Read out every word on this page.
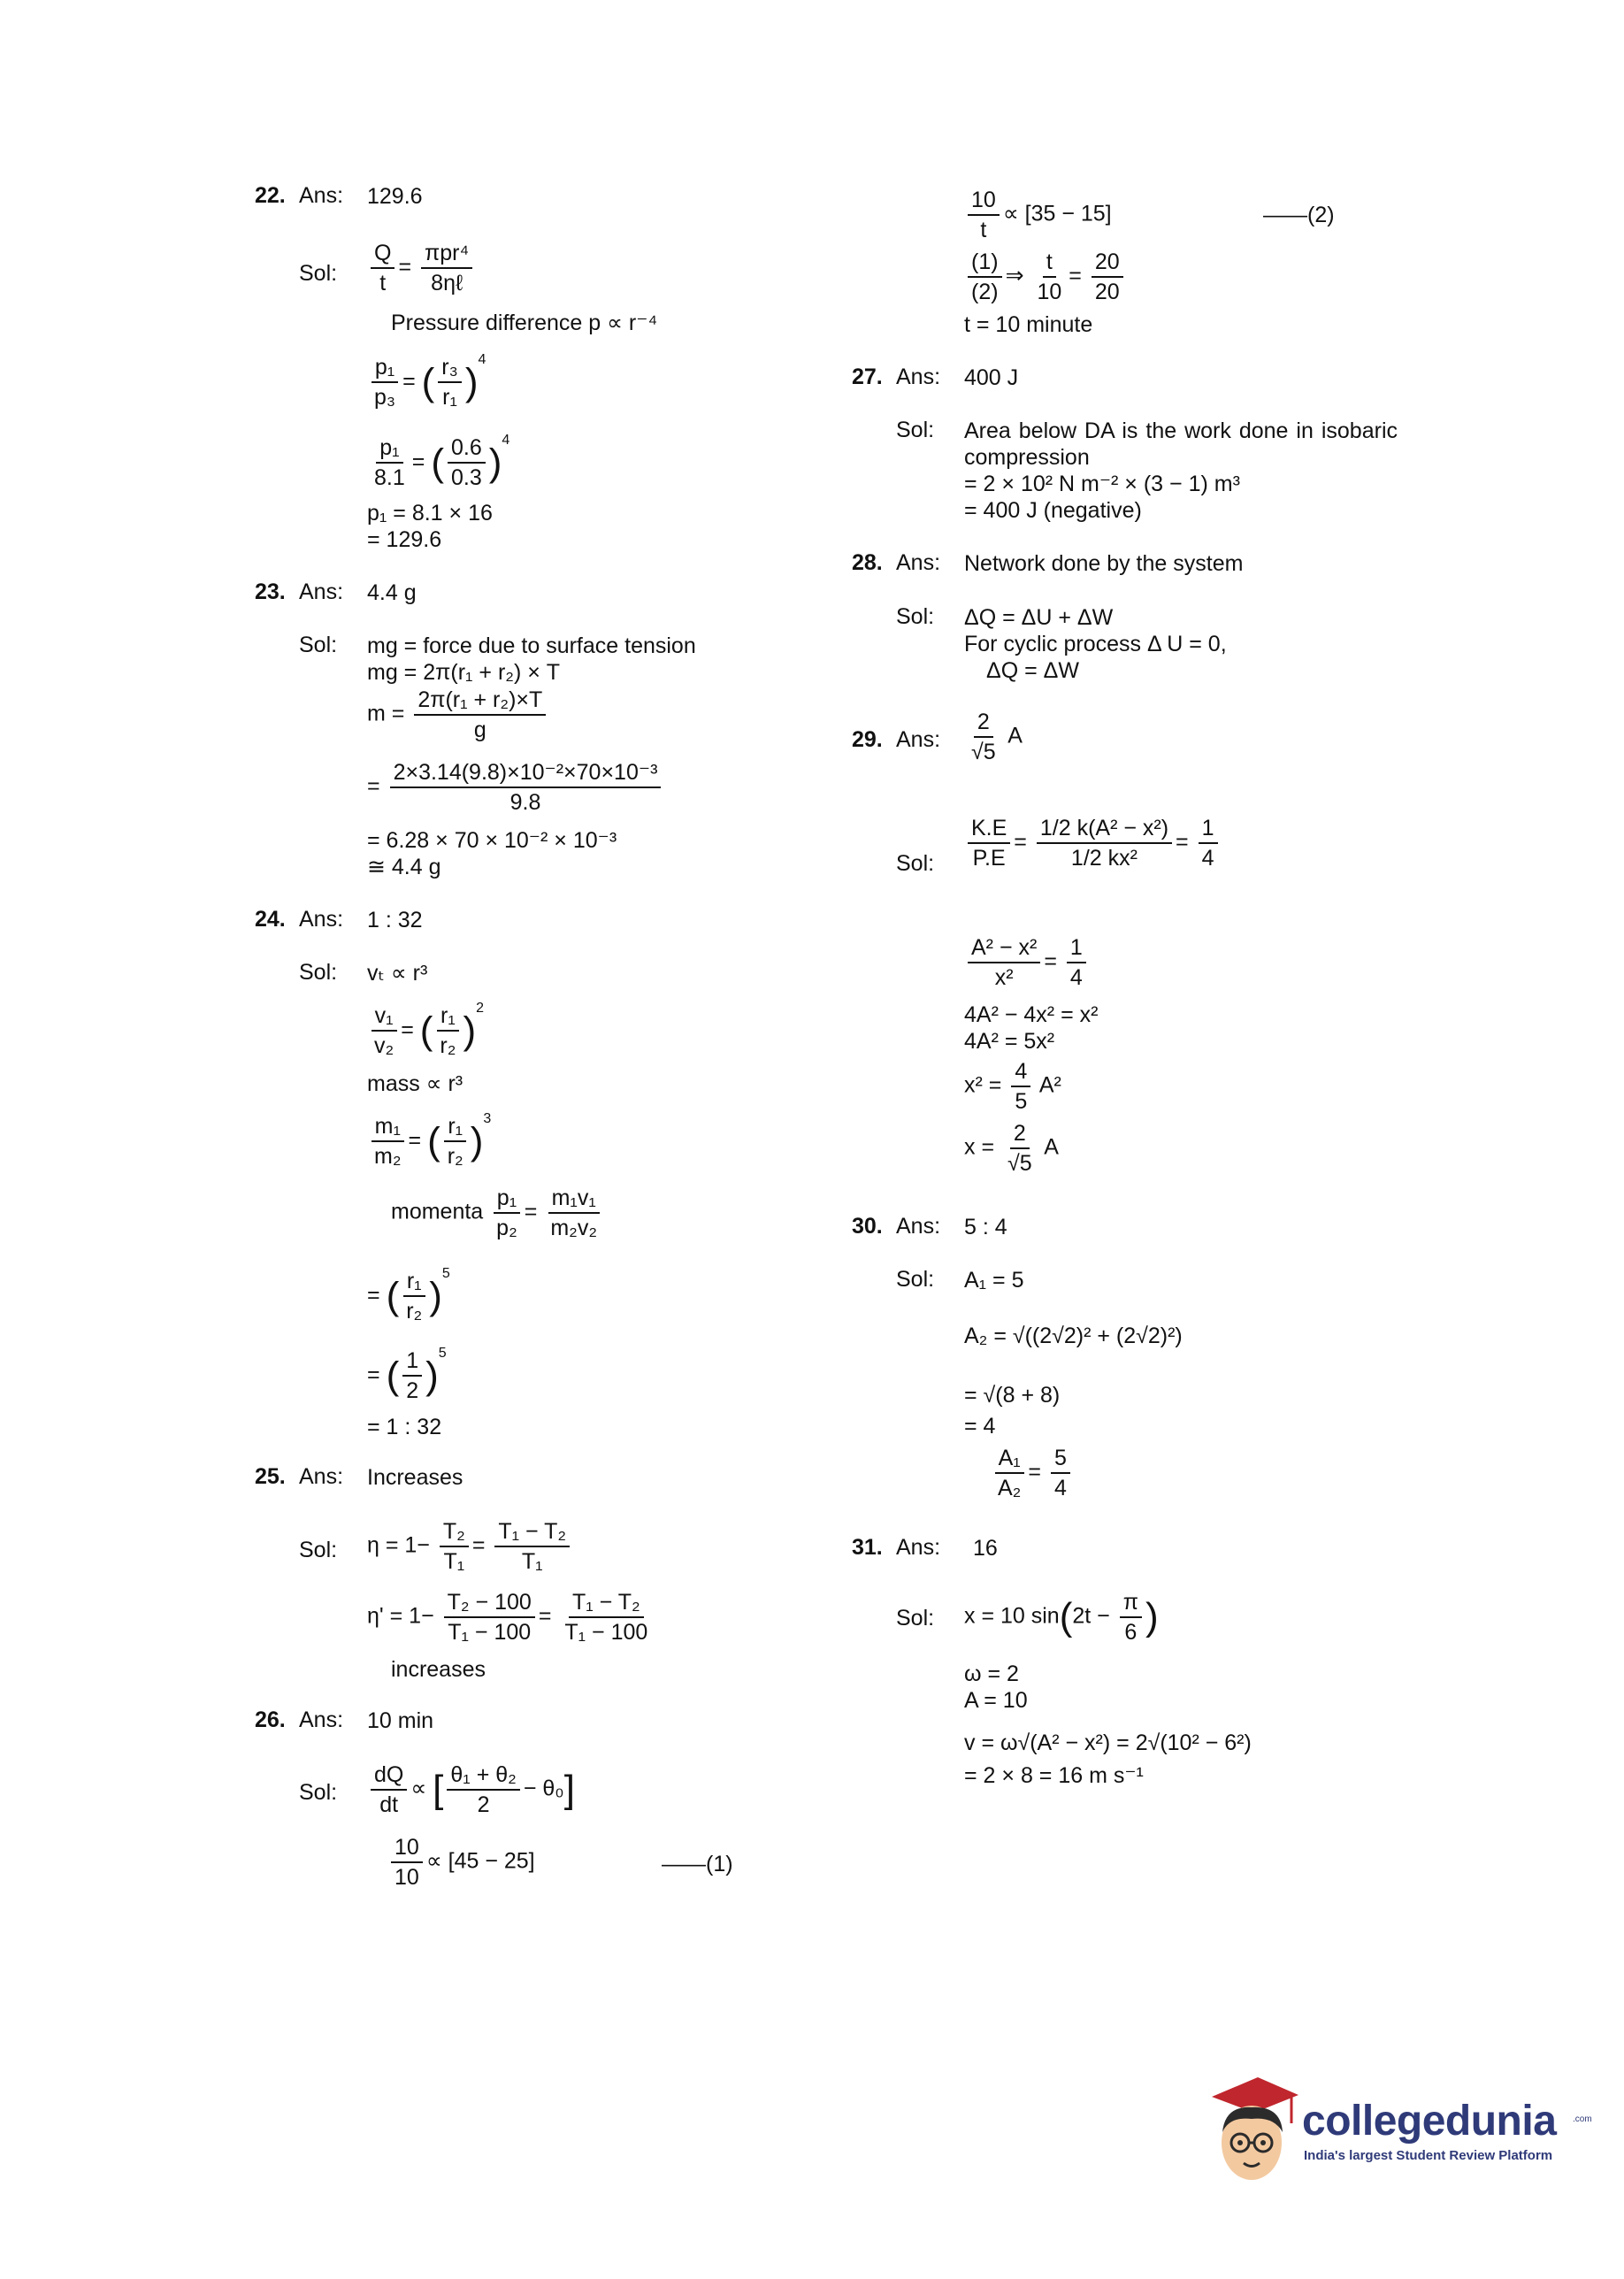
22. Ans: 129.6
Sol: $\frac{Q}{t} = \frac{\text{πpr⁴}}{\text{8ηℓ}}$
Pressure difference p ∝ r⁻⁴
$\frac{\text{p₁}}{\text{p₃}}$ = ( $\frac{\text{r₃}}{\text{r₁}} )^4$
$\frac{\text{p₁}}{8.1}$ = ( $\frac{0.6}{0.3} )^4$
p₁ = 8.1 × 16
= 129.6
23. Ans: 4.4 g
Sol: mg = force due to surface tension
mg = 2π(r₁ + r₂) × T
$m = \frac{\text{2π(r₁ + r₂)×T}}{g}$
= $\frac{\text{2×3.14(9.8)×10⁻²×70×10⁻³}}{9.8}$
= 6.28 × 70 × 10⁻² × 10⁻³
≅ 4.4 g
24. Ans: 1 : 32
Sol: vₜ ∝ r³
$\frac{\text{v₁}}{\text{v₂}}$ = ( $\frac{\text{r₁}}{\text{r₂}} )^2$
mass ∝ r³
$\frac{\text{m₁}}{\text{m₂}}$ = ( $\frac{\text{r₁}}{\text{r₂}} )^3$
momenta $\frac{\text{p₁}}{\text{p₂}} = \frac{\text{m₁v₁}}{\text{m₂v₂}}$
= ( $\frac{\text{r₁}}{\text{r₂}} )^5$
= ( $\frac{1}{2} )^5$
= 1 : 32
25. Ans: Increases
Sol: $\eta = 1- \frac{\text{T₂}}{\text{T₁}} = \frac{\text{T₁ − T₂}}{\text{T₁}}$
$\eta' = 1- \frac{\text{T₂ − 100}}{\text{T₁ − 100}} = \frac{\text{T₁ − T₂}}{\text{T₁ − 100}}$
increases
26. Ans: 10 min
Sol: $\frac{dQ}{dt}$ ∝ [ $\frac{\text{θ₁ + θ₂}}{2} - \theta_0$]
$\frac{10}{10} \propto [45 - 25]$	——(1)
$\frac{10}{t} \propto [35 - 15]$	——(2)
$\frac{(1)}{(2)}$ ⇒ $\frac{t}{10} = \frac{20}{20}$
t = 10 minute
27. Ans: 400 J
Sol: Area below DA is the work done in isobaric compression
= 2 × 10² N m⁻² × (3 − 1) m³
= 400 J (negative)
28. Ans: Network done by the system
Sol: ΔQ = ΔU + ΔW
For cyclic process Δ U = 0,
ΔQ = ΔW
29. Ans: $\frac{2}{√5}$ A
Sol: $\frac{K.E}{P.E} = \frac{\text{1/2 k(A² − x²)}}{\text{1/2 kx²}} = \frac{1}{4}$
$\frac{\text{A² − x²}}{\text{x²}} = \frac{1}{4}$
4A² − 4x² = x²
4A² = 5x²
$x^2 = \frac{4}{5} A^2$
$x = \frac{2}{√5}$ A
30. Ans: 5 : 4
Sol: A₁ = 5
A₂ = √((2√2)² + (2√2)²)
= √(8 + 8)
= 4
$\frac{\text{A₁}}{\text{A₂}} = \frac{5}{4}$
31. Ans: 16
Sol: x = 10 $\sin(2t - \frac{\pi}{6}$ )
ω = 2
A = 10
v = ω√(A² − x²) = 2√(10² − 6²)
= 2 × 8 = 16 m s⁻¹
collegedunia .com
India's largest Student Review Platform
